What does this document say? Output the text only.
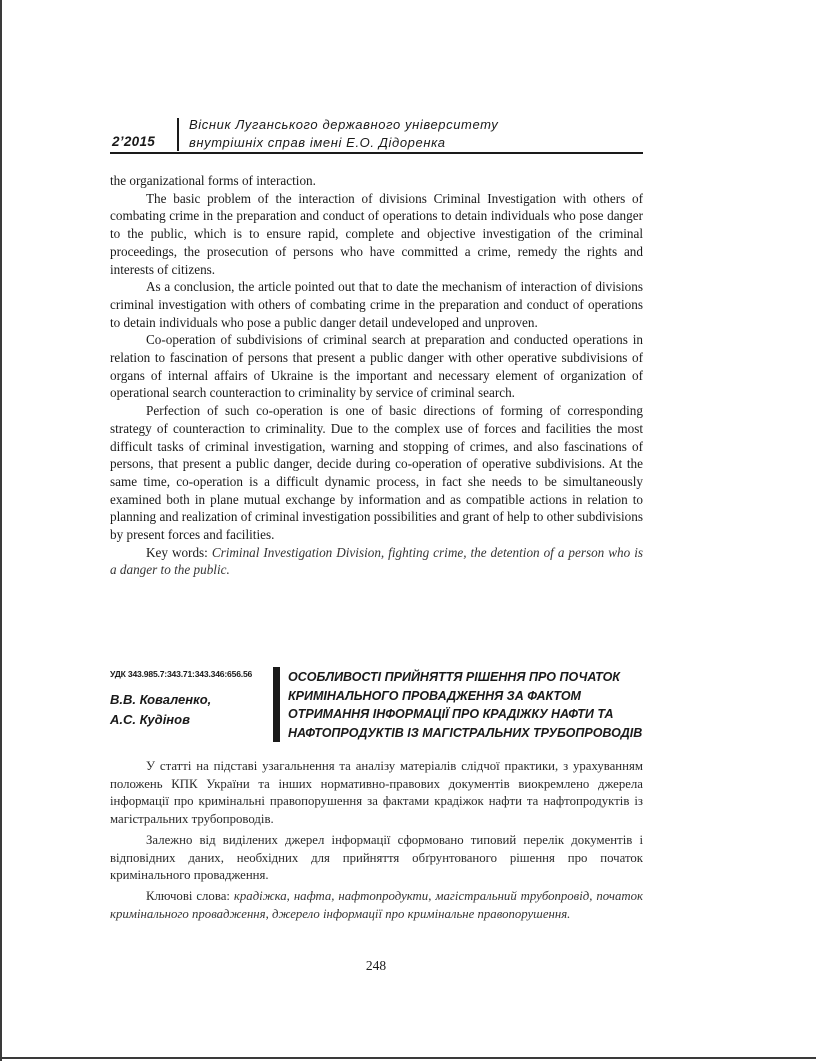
2’2015
Вісник Луганського державного університету
внутрішніх справ імені Е.О. Дідоренка

the organizational forms of interaction.

The basic problem of the interaction of divisions Criminal Investigation with others of combating crime in the preparation and conduct of operations to detain individuals who pose danger to the public, which is to ensure rapid, complete and objective investigation of the criminal proceedings, the prosecution of persons who have committed a crime, remedy the rights and interests of citizens.

As a conclusion, the article pointed out that to date the mechanism of interaction of divisions criminal investigation with others of combating crime in the preparation and conduct of operations to detain individuals who pose a public danger detail undeveloped and unproven.

Co-operation of subdivisions of criminal search at preparation and conducted operations in relation to fascination of persons that present a public danger with other operative subdivisions of organs of internal affairs of Ukraine is the important and necessary element of organization of operational search counteraction to criminality by service of criminal search.

Perfection of such co-operation is one of basic directions of forming of corresponding strategy of counteraction to criminality. Due to the complex use of forces and facilities the most difficult tasks of criminal investigation, warning and stopping of crimes, and also fascinations of persons, that present a public danger, decide during co-operation of operative subdivisions. At the same time, co-operation is a difficult dynamic process, in fact she needs to be simultaneously examined both in plane mutual exchange by information and as compatible actions in relation to planning and realization of criminal investigation possibilities and grant of help to other subdivisions by present forces and facilities.

Key words: Criminal Investigation Division, fighting crime, the detention of a person who is a danger to the public.

УДК 343.985.7:343.71:343.346:656.56
В.В. Коваленко,
А.С. Кудінов
ОСОБЛИВОСТІ ПРИЙНЯТТЯ РІШЕННЯ ПРО ПОЧАТОК
КРИМІНАЛЬНОГО ПРОВАДЖЕННЯ ЗА ФАКТОМ
ОТРИМАННЯ ІНФОРМАЦІЇ ПРО КРАДІЖКУ НАФТИ ТА
НАФТОПРОДУКТІВ ІЗ МАГІСТРАЛЬНИХ ТРУБОПРОВОДІВ

У статті на підставі узагальнення та аналізу матеріалів слідчої практики, з урахуванням положень КПК України та інших нормативно-правових документів виокремлено джерела інформації про кримінальні правопорушення за фактами крадіжок нафти та нафтопродуктів із магістральних трубопроводів.

Залежно від виділених джерел інформації сформовано типовий перелік документів і відповідних даних, необхідних для прийняття обґрунтованого рішення про початок кримінального провадження.

Ключові слова: крадіжка, нафта, нафтопродукти, магістральний трубопровід, початок кримінального провадження, джерело інформації про кримінальне правопорушення.

248
